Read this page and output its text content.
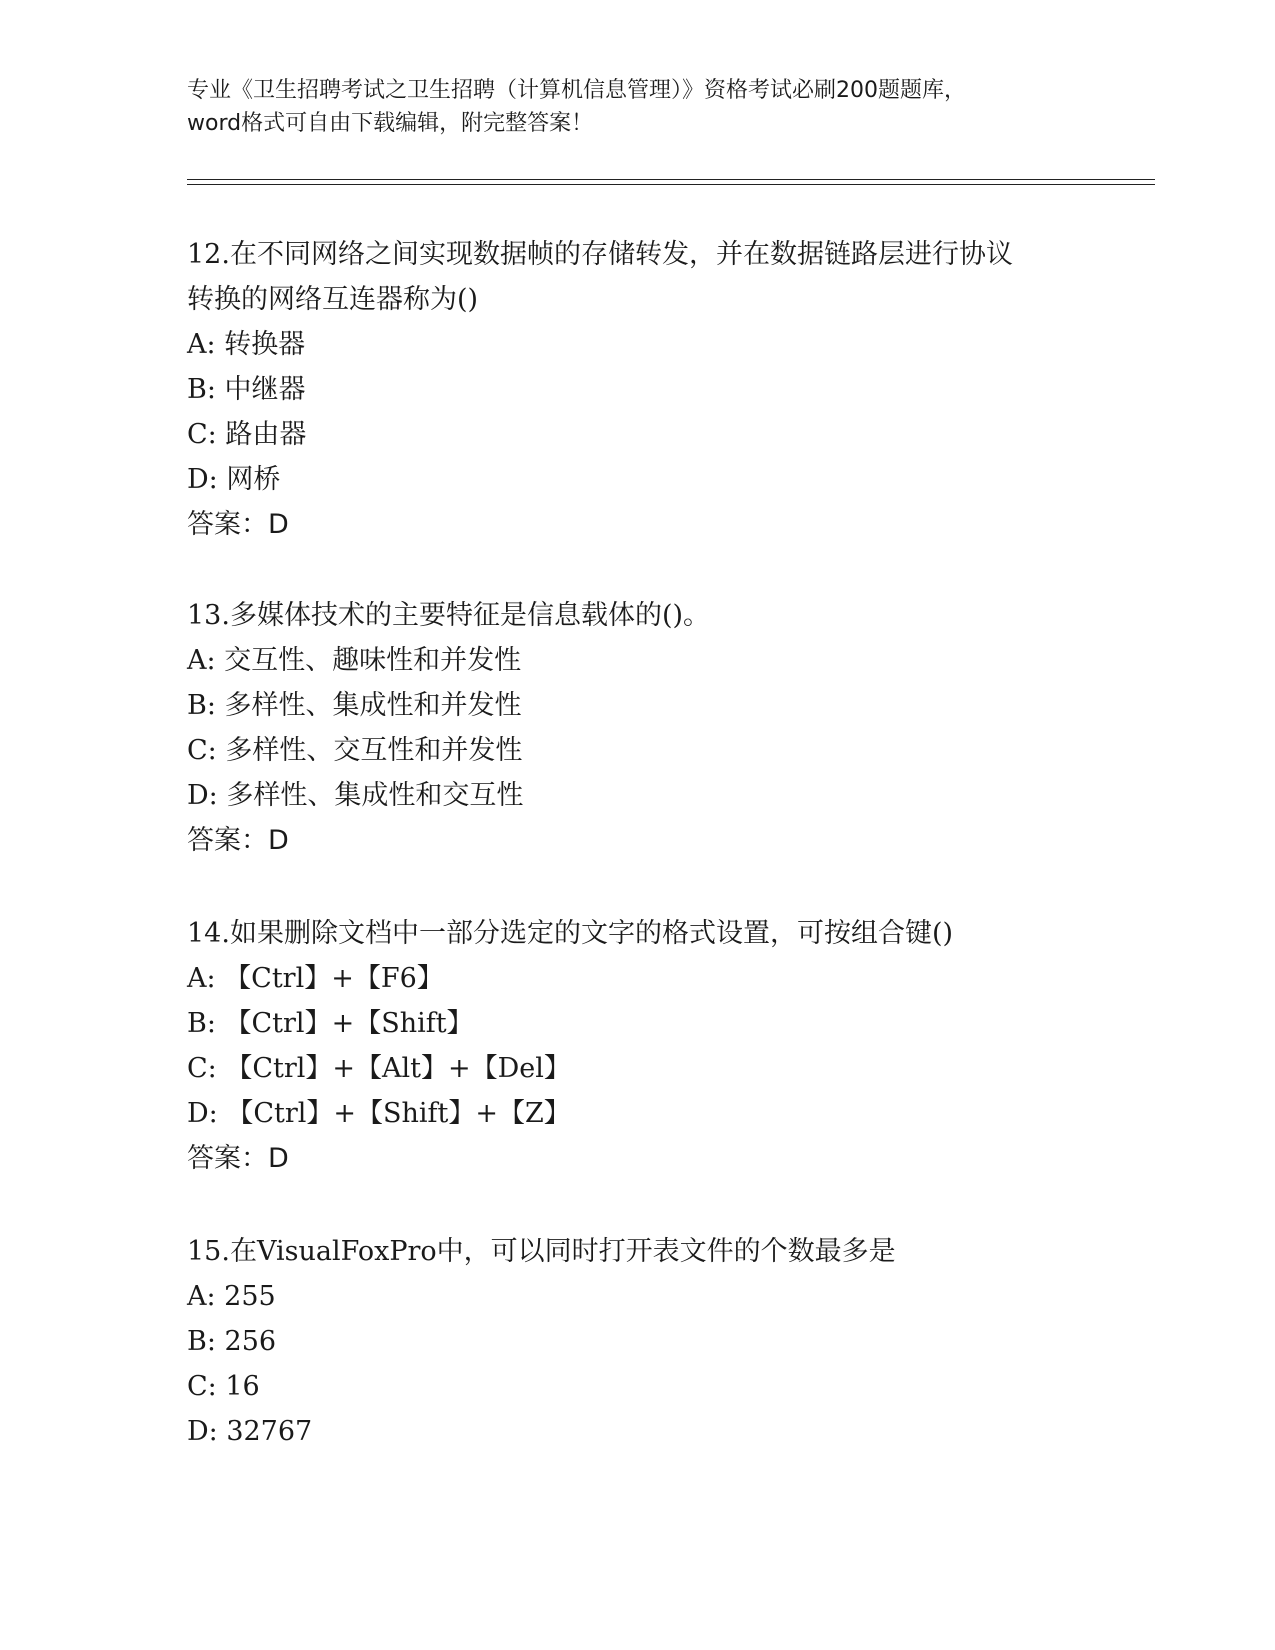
专业《卫生招聘考试之卫生招聘（计算机信息管理）》资格考试必刷200题题库，
word格式可自由下载编辑，附完整答案！

12.在不同网络之间实现数据帧的存储转发，并在数据链路层进行协议

转换的网络互连器称为()

A: 转换器

B: 中继器

C: 路由器

D: 网桥

答案：D

13.多媒体技术的主要特征是信息载体的()。

A: 交互性、趣味性和并发性

B: 多样性、集成性和并发性

C: 多样性、交互性和并发性

D: 多样性、集成性和交互性

答案：D

14.如果删除文档中一部分选定的文字的格式设置，可按组合键()

A: 【Ctrl】+【F6】

B: 【Ctrl】+【Shift】

C: 【Ctrl】+【Alt】+【Del】

D: 【Ctrl】+【Shift】+【Z】

答案：D

15.在VisualFoxPro中，可以同时打开表文件的个数最多是

A: 255

B: 256

C: 16

D: 32767
